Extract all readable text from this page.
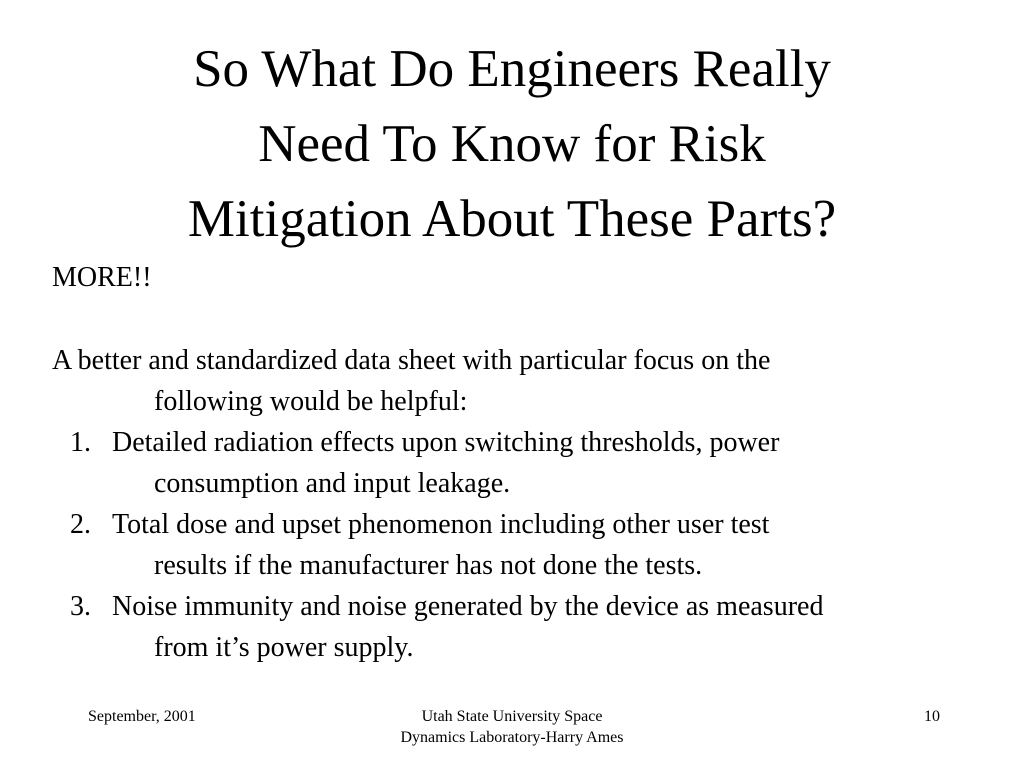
So What Do Engineers Really
Need To Know for Risk
Mitigation About These Parts?
MORE!!
A better and standardized data sheet with particular focus on the
following would be helpful:
1. Detailed radiation effects upon switching thresholds, power
consumption and input leakage.
2. Total dose and upset phenomenon including other user test
results if the manufacturer has not done the tests.
3. Noise immunity and noise generated by the device as measured
from it’s power supply.
September, 2001	Utah State University Space
Dynamics Laboratory-Harry Ames
10
